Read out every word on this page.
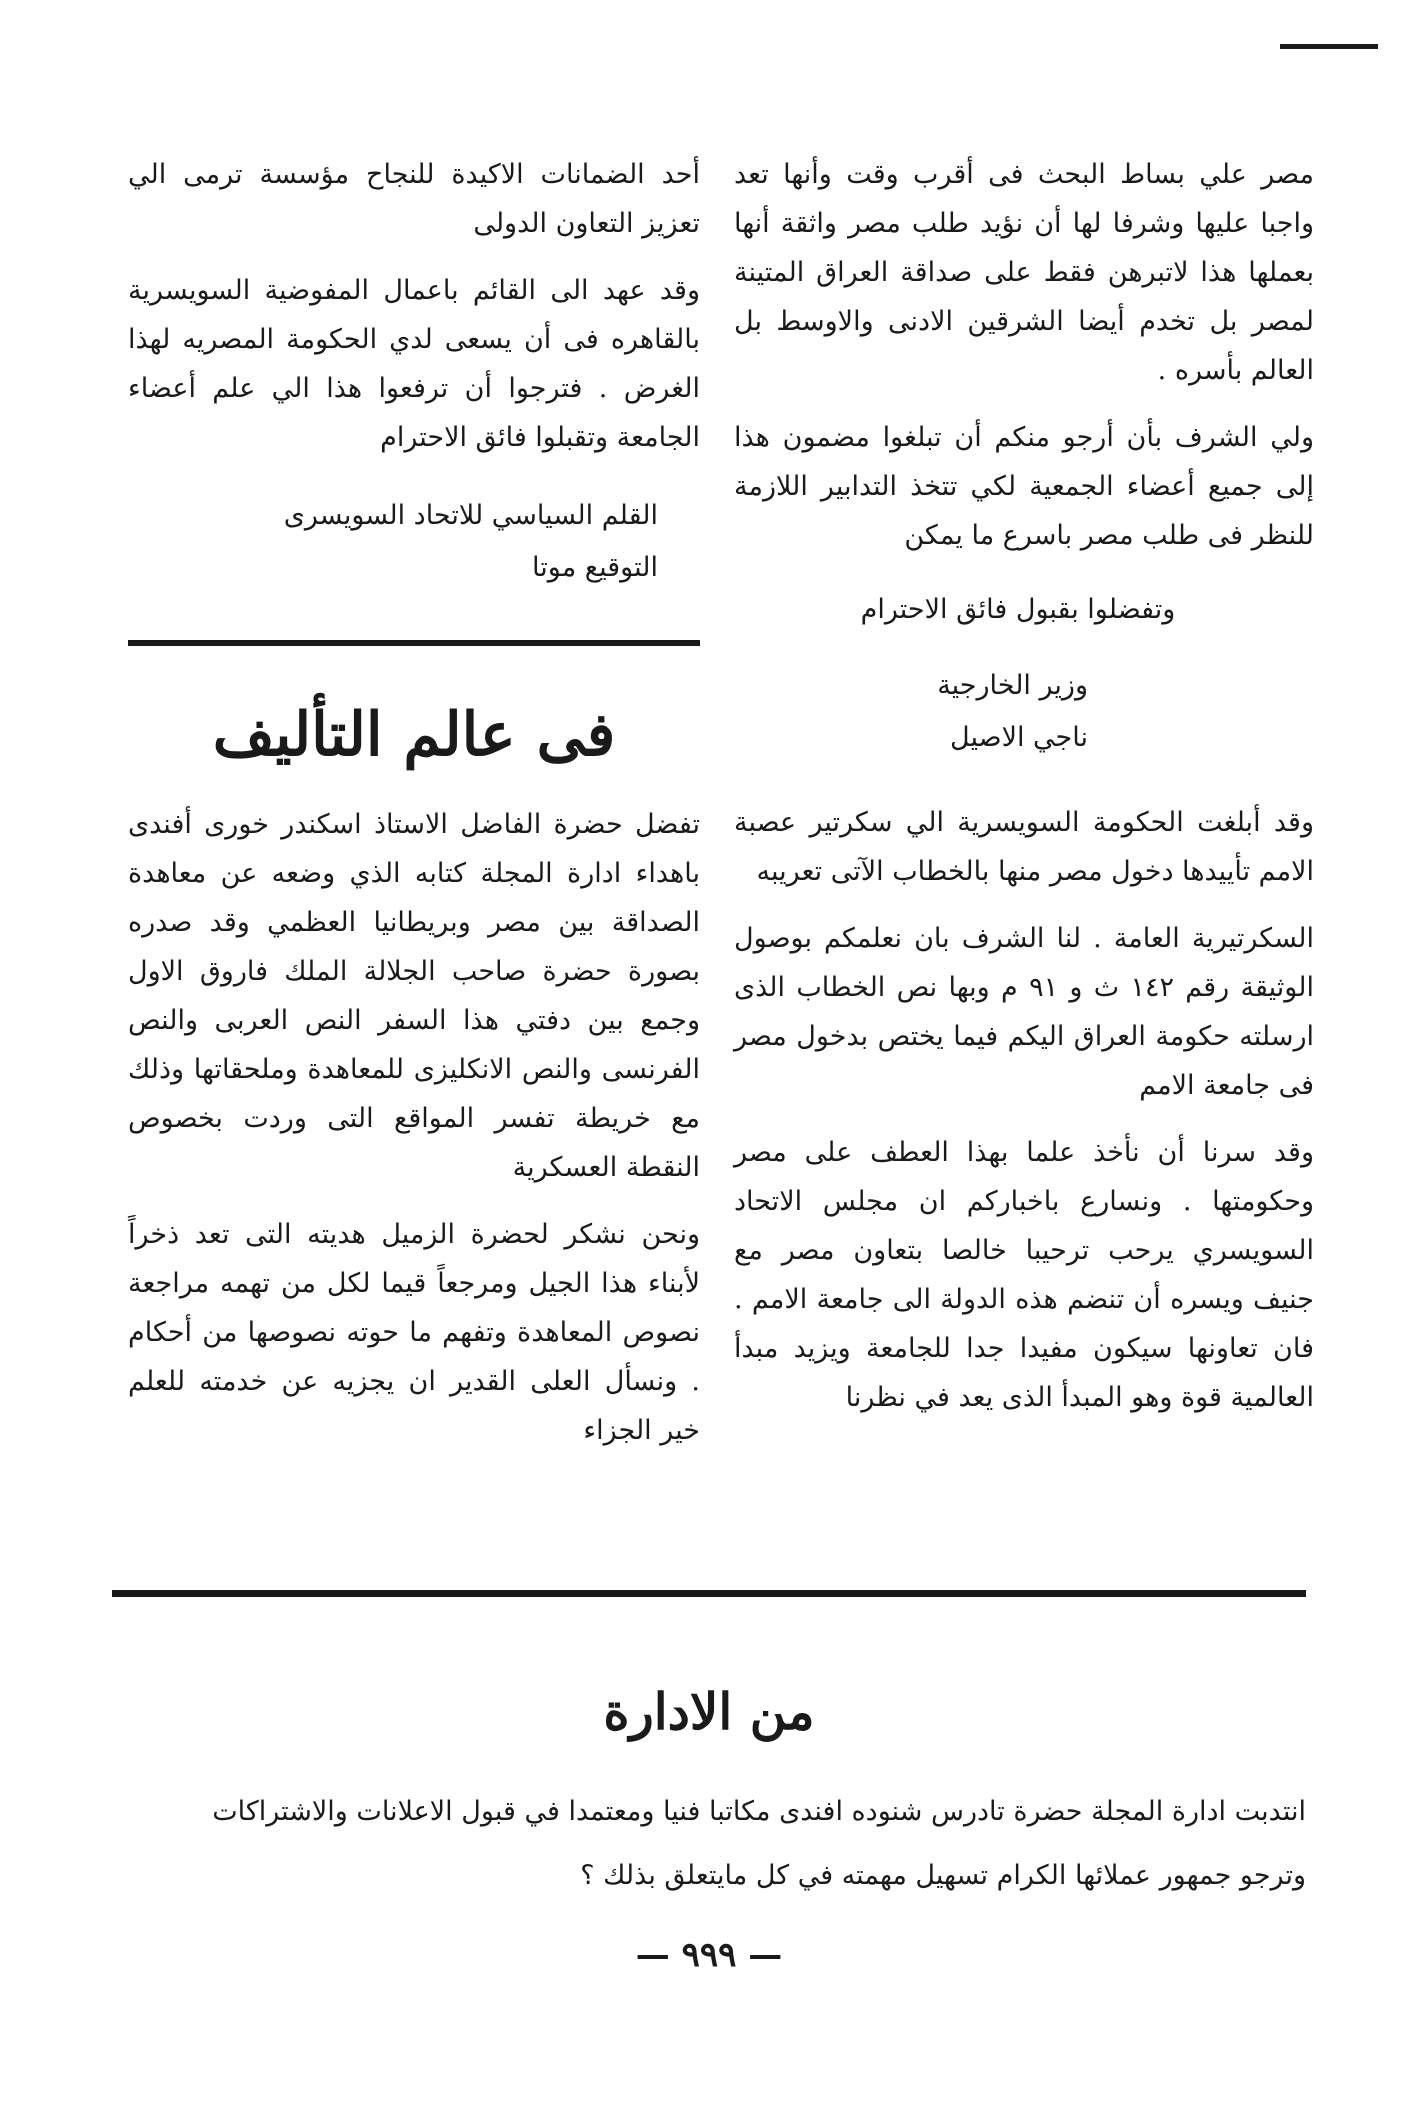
مصر علي بساط البحث فى أقرب وقت وأنها تعد واجبا عليها وشرفا لها أن نؤيد طلب مصر واثقة أنها بعملها هذا لاتبرهن فقط على صداقة العراق المتينة لمصر بل تخدم أيضا الشرقين الادنى والاوسط بل العالم بأسره .

ولي الشرف بأن أرجو منكم أن تبلغوا مضمون هذا إلى جميع أعضاء الجمعية لكي تتخذ التدابير اللازمة للنظر فى طلب مصر باسرع ما يمكن

وتفضلوا بقبول فائق الاحترام

وزير الخارجية

ناجي الاصيل

وقد أبلغت الحكومة السويسرية الي سكرتير عصبة الامم تأييدها دخول مصر منها بالخطاب الآتى تعريبه

السكرتيرية العامة . لنا الشرف بان نعلمكم بوصول الوثيقة رقم ١٤٢ ث و ٩١ م وبها نص الخطاب الذى ارسلته حكومة العراق اليكم فيما يختص بدخول مصر فى جامعة الامم

وقد سرنا أن نأخذ علما بهذا العطف على مصر وحكومتها . ونسارع باخباركم ان مجلس الاتحاد السويسري يرحب ترحيبا خالصا بتعاون مصر مع جنيف ويسره أن تنضم هذه الدولة الى جامعة الامم . فان تعاونها سيكون مفيدا جدا للجامعة ويزيد مبدأ العالمية قوة وهو المبدأ الذى يعد في نظرنا

أحد الضمانات الاكيدة للنجاح مؤسسة ترمى الي تعزيز التعاون الدولى

وقد عهد الى القائم باعمال المفوضية السويسرية بالقاهره فى أن يسعى لدي الحكومة المصريه لهذا الغرض . فترجوا أن ترفعوا هذا الي علم أعضاء الجامعة وتقبلوا فائق الاحترام

القلم السياسي للاتحاد السويسرى

التوقيع موتا

فى عالم التأليف

تفضل حضرة الفاضل الاستاذ اسكندر خورى أفندى باهداء ادارة المجلة كتابه الذي وضعه عن معاهدة الصداقة بين مصر وبريطانيا العظمي وقد صدره بصورة حضرة صاحب الجلالة الملك فاروق الاول وجمع بين دفتي هذا السفر النص العربى والنص الفرنسى والنص الانكليزى للمعاهدة وملحقاتها وذلك مع خريطة تفسر المواقع التى وردت بخصوص النقطة العسكرية

ونحن نشكر لحضرة الزميل هديته التى تعد ذخراً لأبناء هذا الجيل ومرجعاً قيما لكل من تهمه مراجعة نصوص المعاهدة وتفهم ما حوته نصوصها من أحكام . ونسأل العلى القدير ان يجزيه عن خدمته للعلم خير الجزاء

من الادارة

انتدبت ادارة المجلة حضرة تادرس شنوده افندى مكاتبا فنيا ومعتمدا في قبول الاعلانات والاشتراكات

وترجو جمهور عملائها الكرام تسهيل مهمته في كل مايتعلق بذلك ؟

— ٩٩٩ —
